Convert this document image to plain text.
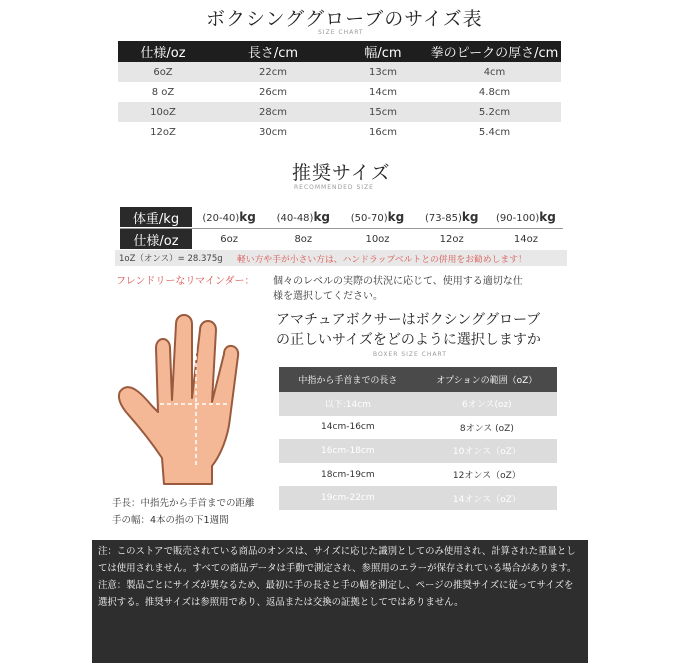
ボクシンググローブのサイズ表
SIZE CHART
仕様/oz	長さ/cm	幅/cm	拳のピークの厚さ/cm
6oZ	22cm	13cm	4cm
8 oZ	26cm	14cm	4.8cm
10oZ	28cm	15cm	5.2cm
12oZ	30cm	16cm	5.4cm
推奨サイズ
RECOMMENDED SIZE
体重/kg	(20-40)kg	(40-48)kg	(50-70)kg	(73-85)kg	(90-100)kg
仕様/oz	6oz	8oz	10oz	12oz	14oz
1oZ（オンス）= 28.375g 軽い方や手が小さい方は、ハンドラップベルトとの併用をお勧めします！
フレンドリーなリマインダー： 個々のレベルの実際の状況に応じて、使用する適切な仕
様を選択してください。
手長：中指先から手首までの距離
手の幅：4本の指の下1週間
アマチュアボクサーはボクシンググローブ
の正しいサイズをどのように選択しますか
BOXER SIZE CHART
中指から手首までの長さ	オプションの範囲（oZ）
以下:14cm	6オンス(oz)
14cm-16cm	8オンス (oZ)
16cm-18cm	10オンス（oZ）
18cm-19cm	12オンス（oZ）
19cm-22cm	14オンス（oZ）

注：このストアで販売されている商品のオンスは、サイズに応じた識別としてのみ使用され、計算された重量としては使用されません。すべての商品データは手動で測定され、参照用のエラーが保存されている場合があります。

注意：製品ごとにサイズが異なるため、最初に手の長さと手の幅を測定し、ページの推奨サイズに従ってサイズを選択する。推奨サイズは参照用であり、返品または交換の証拠としてではありません。
